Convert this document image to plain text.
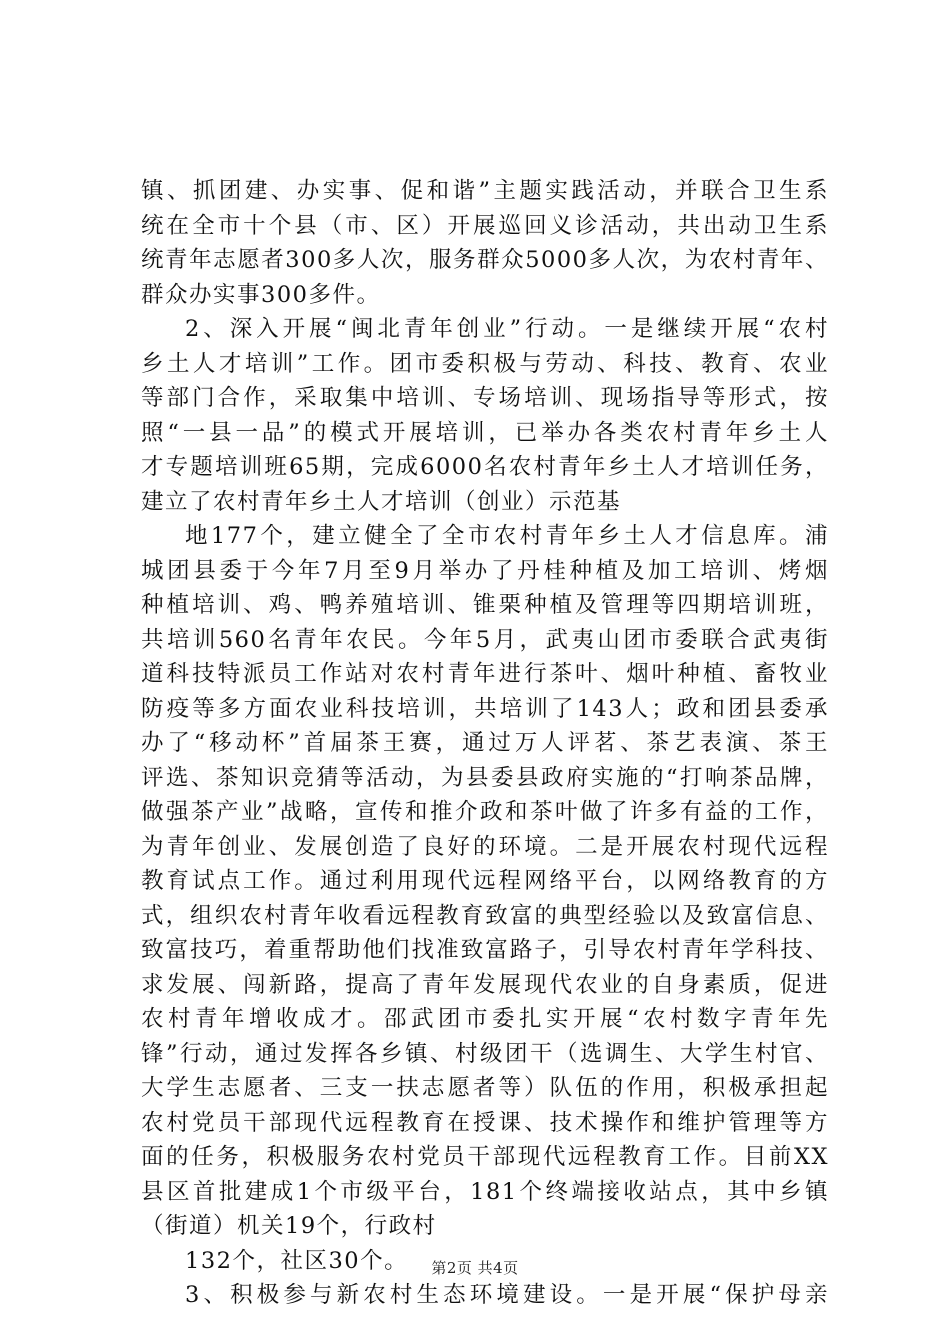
镇、抓团建、办实事、促和谐”主题实践活动，并联合卫生系
统在全市十个县（市、区）开展巡回义诊活动，共出动卫生系
统青年志愿者300多人次，服务群众5000多人次，为农村青年、
群众办实事300多件。
2、深入开展“闽北青年创业”行动。一是继续开展“农村
乡土人才培训”工作。团市委积极与劳动、科技、教育、农业
等部门合作，采取集中培训、专场培训、现场指导等形式，按
照“一县一品”的模式开展培训，已举办各类农村青年乡土人
才专题培训班65期，完成6000名农村青年乡土人才培训任务，
建立了农村青年乡土人才培训（创业）示范基
地177个，建立健全了全市农村青年乡土人才信息库。浦
城团县委于今年7月至9月举办了丹桂种植及加工培训、烤烟
种植培训、鸡、鸭养殖培训、锥栗种植及管理等四期培训班，
共培训560名青年农民。今年5月，武夷山团市委联合武夷街
道科技特派员工作站对农村青年进行茶叶、烟叶种植、畜牧业
防疫等多方面农业科技培训，共培训了143人；政和团县委承
办了“移动杯”首届茶王赛，通过万人评茗、茶艺表演、茶王
评选、茶知识竞猜等活动，为县委县政府实施的“打响茶品牌，
做强茶产业”战略，宣传和推介政和茶叶做了许多有益的工作，
为青年创业、发展创造了良好的环境。二是开展农村现代远程
教育试点工作。通过利用现代远程网络平台，以网络教育的方
式，组织农村青年收看远程教育致富的典型经验以及致富信息、
致富技巧，着重帮助他们找准致富路子，引导农村青年学科技、
求发展、闯新路，提高了青年发展现代农业的自身素质，促进
农村青年增收成才。邵武团市委扎实开展“农村数字青年先
锋”行动，通过发挥各乡镇、村级团干（选调生、大学生村官、
大学生志愿者、三支一扶志愿者等）队伍的作用，积极承担起
农村党员干部现代远程教育在授课、技术操作和维护管理等方
面的任务，积极服务农村党员干部现代远程教育工作。目前XX
县区首批建成1个市级平台，181个终端接收站点，其中乡镇
（街道）机关19个，行政村
132个，社区30个。
3、积极参与新农村生态环境建设。一是开展“保护母亲
第2页 共4页
